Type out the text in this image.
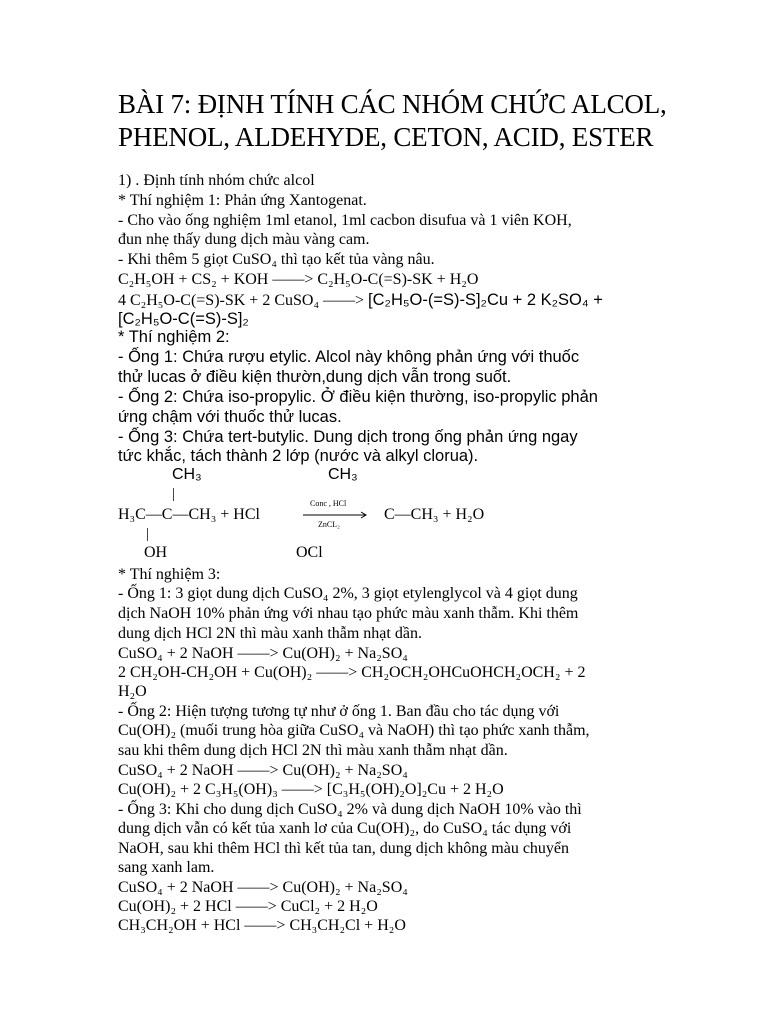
BÀI 7: ĐỊNH TÍNH CÁC NHÓM CHỨC ALCOL,
PHENOL, ALDEHYDE, CETON, ACID, ESTER
1) . Định tính nhóm chức alcol
* Thí nghiệm 1: Phản ứng Xantogenat.
- Cho vào ống nghiệm 1ml etanol, 1ml cacbon disufua và 1 viên KOH,
đun nhẹ thấy dung dịch màu vàng cam.
- Khi thêm 5 giọt CuSO₄ thì tạo kết tủa vàng nâu.
C₂H₅OH + CS₂ + KOH ——> C₂H₅O-C(=S)-SK + H₂O
4 C₂H₅O-C(=S)-SK + 2 CuSO₄ ——> [C₂H₅O-(=S)-S]₂Cu + 2 K₂SO₄ +
[C₂H₅O-C(=S)-S]₂
* Thí nghiệm 2:
- Ống 1: Chứa rượu etylic. Alcol này không phản ứng với thuốc
thử lucas ở điều kiện thườn,dung dịch vẫn trong suốt.
- Ống 2: Chứa iso-propylic. Ở điều kiện thường, iso-propylic phản
ứng chậm với thuốc thử lucas.
- Ống 3: Chứa tert-butylic. Dung dịch trong ống phản ứng ngay
tức khắc, tách thành 2 lớp (nước và alkyl clorua).
CH₃	CH₃
|
H₃C—C—CH₃ + HCl
Conc , HCl
ZnCL₂
C—CH₃ + H₂O
|
OH	OCl
* Thí nghiệm 3:
- Ống 1: 3 giọt dung dịch CuSO₄ 2%, 3 giọt etylenglycol và 4 giọt dung
dịch NaOH 10% phản ứng với nhau tạo phức màu xanh thẫm. Khi thêm
dung dịch HCl 2N thì màu xanh thẫm nhạt dần.
CuSO₄ + 2 NaOH ——> Cu(OH)₂ + Na₂SO₄
2 CH₂OH-CH₂OH + Cu(OH)₂ ——> CH₂OCH₂OHCuOHCH₂OCH₂ + 2
H₂O
- Ống 2: Hiện tượng tương tự như ở ống 1. Ban đầu cho tác dụng với
Cu(OH)₂ (muối trung hòa giữa CuSO₄ và NaOH) thì tạo phức xanh thẫm,
sau khi thêm dung dịch HCl 2N thì màu xanh thẫm nhạt dần.
CuSO₄ + 2 NaOH ——> Cu(OH)₂ + Na₂SO₄
Cu(OH)₂ + 2 C₃H₅(OH)₃ ——> [C₃H₅(OH)₂O]₂Cu + 2 H₂O
- Ống 3: Khi cho dung dịch CuSO₄ 2% và dung dịch NaOH 10% vào thì
dung dịch vẫn có kết tủa xanh lơ của Cu(OH)₂, do CuSO₄ tác dụng với
NaOH, sau khi thêm HCl thì kết tủa tan, dung dịch không màu chuyển
sang xanh lam.
CuSO₄ + 2 NaOH ——> Cu(OH)₂ + Na₂SO₄
Cu(OH)₂ + 2 HCl ——> CuCl₂ + 2 H₂O
CH₃CH₂OH + HCl ——> CH₃CH₂Cl + H₂O
